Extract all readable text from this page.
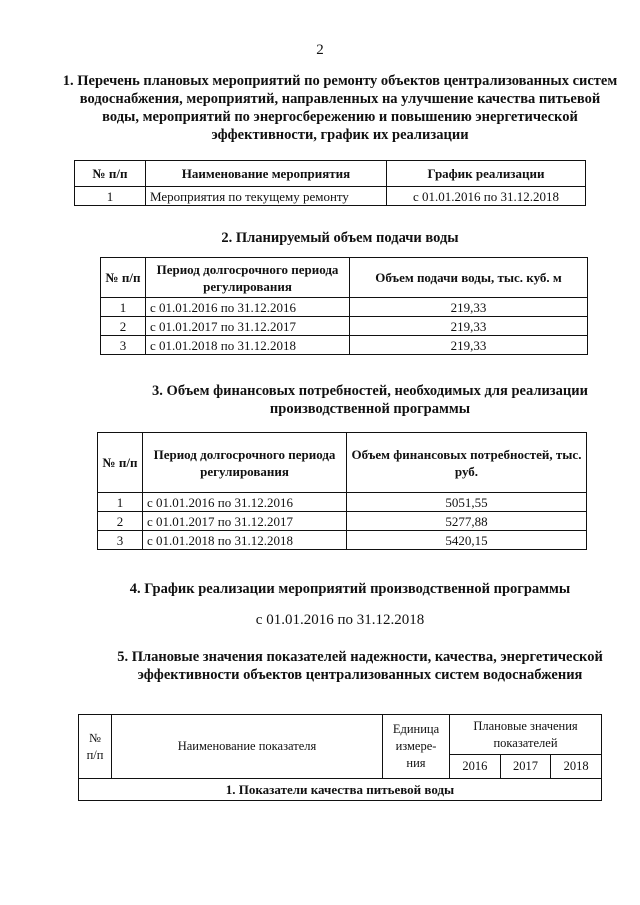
2

1. Перечень плановых мероприятий по ремонту объектов централизованных систем водоснабжения, мероприятий, направленных на улучшение качества питьевой воды, мероприятий по энергосбережению и повышению энергетической эффективности, график их реализации

№ п/п	Наименование мероприятия	График реализации
1	Мероприятия по текущему ремонту	с 01.01.2016 по 31.12.2018

2. Планируемый объем подачи воды

№ п/п	Период долгосрочного периода регулирования	Объем подачи воды, тыс. куб. м
1	с 01.01.2016 по 31.12.2016	219,33
2	с 01.01.2017 по 31.12.2017	219,33
3	с 01.01.2018 по 31.12.2018	219,33

3. Объем финансовых потребностей, необходимых для реализации производственной программы

№ п/п	Период долгосрочного периода регулирования	Объем финансовых потребностей, тыс. руб.
1	с 01.01.2016 по 31.12.2016	5051,55
2	с 01.01.2017 по 31.12.2017	5277,88
3	с 01.01.2018 по 31.12.2018	5420,15

4. График реализации мероприятий производственной программы

с 01.01.2016 по 31.12.2018

5. Плановые значения показателей надежности, качества, энергетической эффективности объектов централизованных систем водоснабжения

№ п/п	Наименование показателя	Единица измере-ния	Плановые значения показателей		
			2016	2017	2018
1. Показатели качества питьевой воды					
